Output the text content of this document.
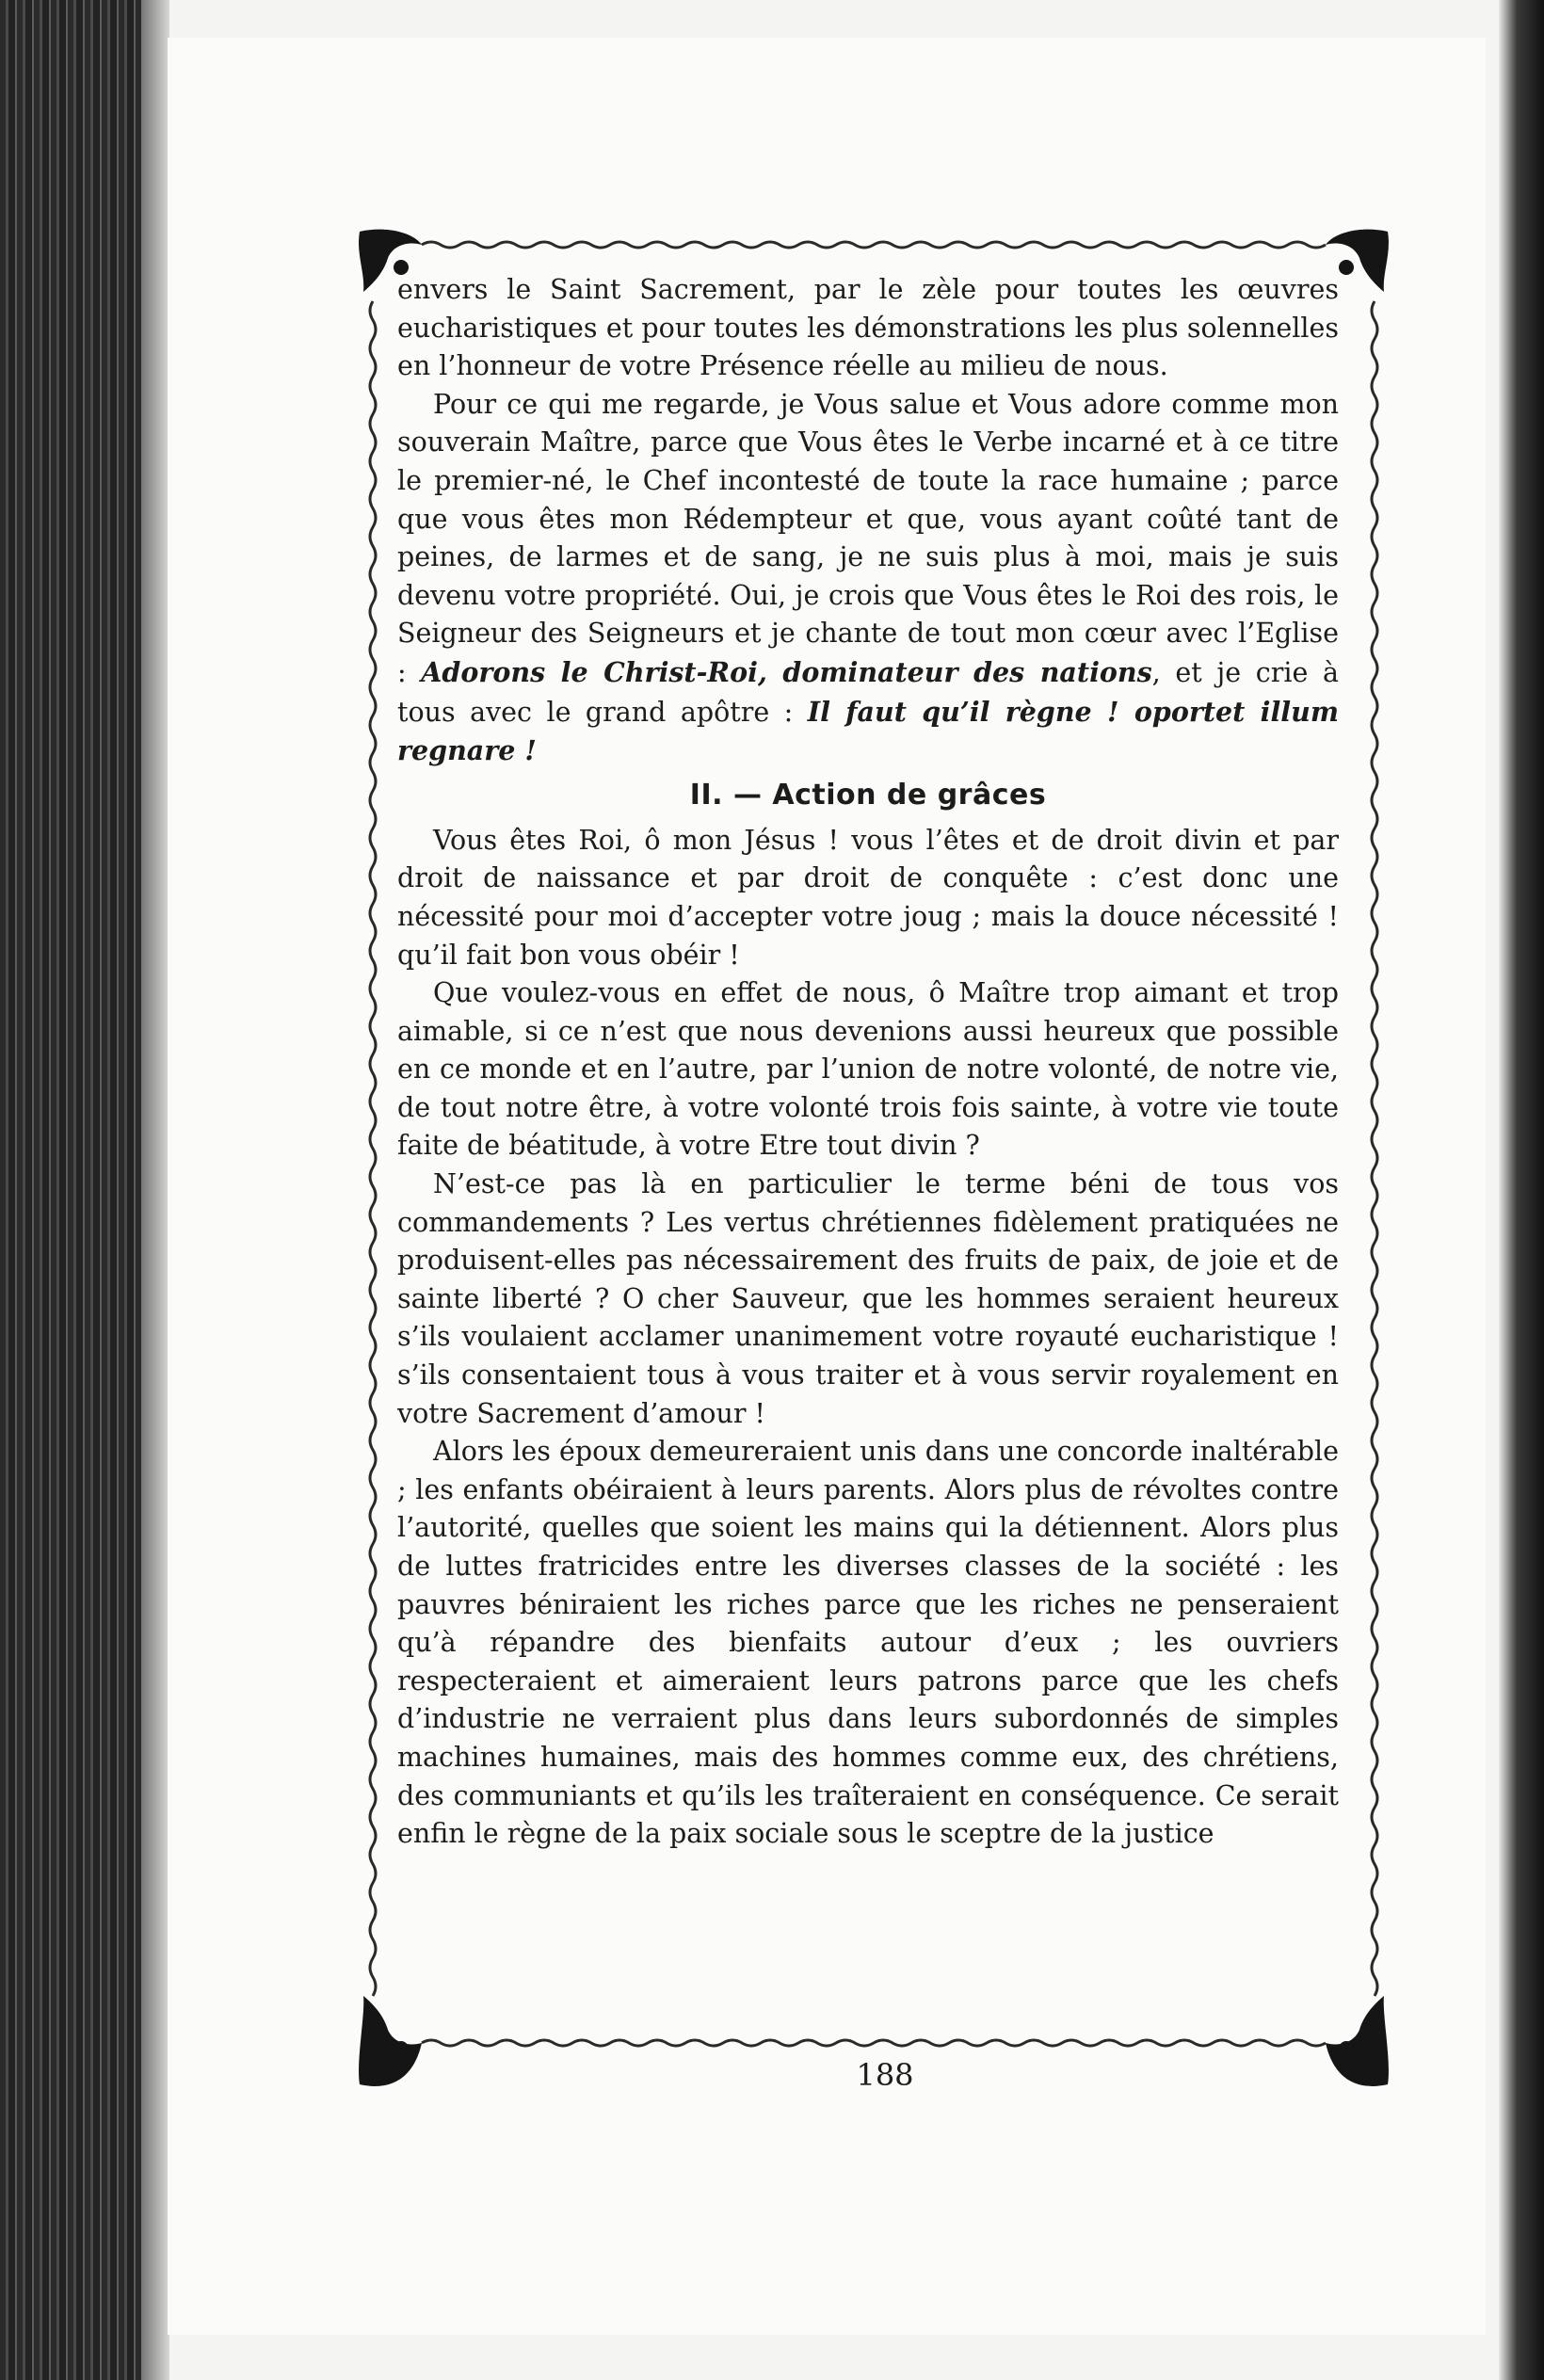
envers le Saint Sacrement, par le zèle pour toutes les œuvres eucharistiques et pour toutes les démonstrations les plus solennelles en l’honneur de votre Présence réelle au milieu de nous.

Pour ce qui me regarde, je Vous salue et Vous adore comme mon souverain Maître, parce que Vous êtes le Verbe incarné et à ce titre le premier-né, le Chef incontesté de toute la race humaine ; parce que vous êtes mon Rédempteur et que, vous ayant coûté tant de peines, de larmes et de sang, je ne suis plus à moi, mais je suis devenu votre propriété. Oui, je crois que Vous êtes le Roi des rois, le Seigneur des Seigneurs et je chante de tout mon cœur avec l’Eglise : Adorons le Christ-Roi, dominateur des nations, et je crie à tous avec le grand apôtre : Il faut qu’il règne ! oportet illum regnare !

II. — Action de grâces

Vous êtes Roi, ô mon Jésus ! vous l’êtes et de droit divin et par droit de naissance et par droit de conquête : c’est donc une nécessité pour moi d’accepter votre joug ; mais la douce nécessité ! qu’il fait bon vous obéir !

Que voulez-vous en effet de nous, ô Maître trop aimant et trop aimable, si ce n’est que nous devenions aussi heureux que possible en ce monde et en l’autre, par l’union de notre volonté, de notre vie, de tout notre être, à votre volonté trois fois sainte, à votre vie toute faite de béatitude, à votre Etre tout divin ?

N’est-ce pas là en particulier le terme béni de tous vos commandements ? Les vertus chrétiennes fidèlement pratiquées ne produisent-elles pas nécessairement des fruits de paix, de joie et de sainte liberté ? O cher Sauveur, que les hommes seraient heureux s’ils voulaient acclamer unanimement votre royauté eucharistique ! s’ils consentaient tous à vous traiter et à vous servir royalement en votre Sacrement d’amour !

Alors les époux demeureraient unis dans une concorde inaltérable ; les enfants obéiraient à leurs parents. Alors plus de révoltes contre l’autorité, quelles que soient les mains qui la détiennent. Alors plus de luttes fratricides entre les diverses classes de la société : les pauvres béniraient les riches parce que les riches ne penseraient qu’à répandre des bienfaits autour d’eux ; les ouvriers respecteraient et aimeraient leurs patrons parce que les chefs d’industrie ne verraient plus dans leurs subordonnés de simples machines humaines, mais des hommes comme eux, des chrétiens, des communiants et qu’ils les traîteraient en conséquence. Ce serait enfin le règne de la paix sociale sous le sceptre de la justice

188
